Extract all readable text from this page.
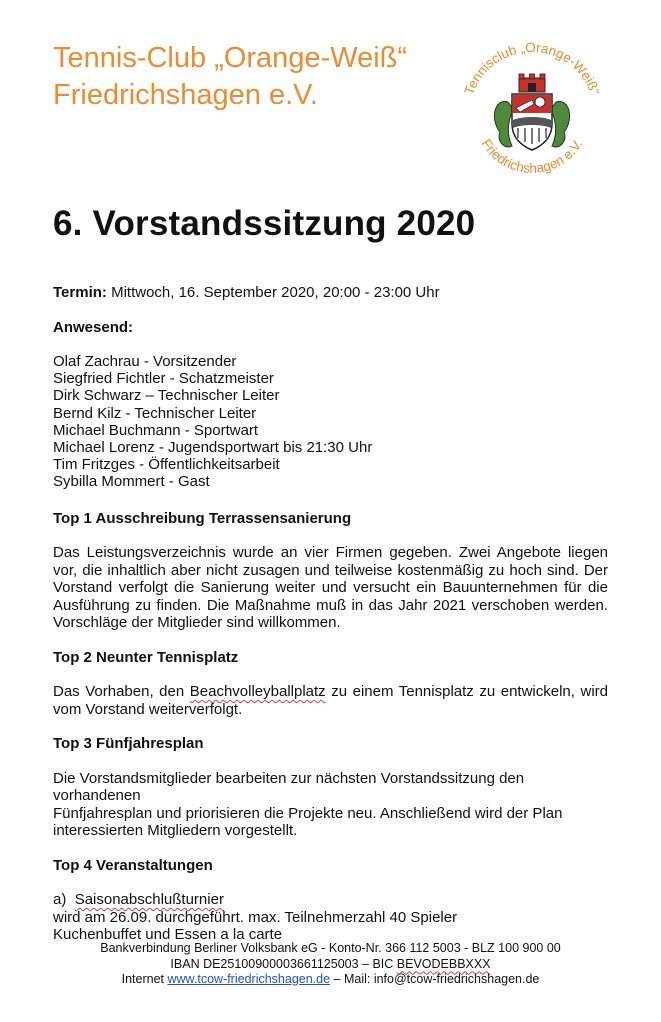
Tennis-Club „Orange-Weiß“
Friedrichshagen e.V.	Tennisclub „Orange-Weiß“
Friedrichshagen e.V.
6. Vorstandssitzung 2020

Termin: Mittwoch, 16. September 2020, 20:00 - 23:00 Uhr

Anwesend:

Olaf Zachrau - Vorsitzender
Siegfried Fichtler - Schatzmeister
Dirk Schwarz – Technischer Leiter
Bernd Kilz - Technischer Leiter
Michael Buchmann - Sportwart
Michael Lorenz - Jugendsportwart bis 21:30 Uhr
Tim Fritzges - Öffentlichkeitsarbeit
Sybilla Mommert - Gast

Top 1 Ausschreibung Terrassensanierung

Das Leistungsverzeichnis wurde an vier Firmen gegeben. Zwei Angebote liegen vor, die inhaltlich aber nicht zusagen und teilweise kostenmäßig zu hoch sind. Der Vorstand verfolgt die Sanierung weiter und versucht ein Bauunternehmen für die Ausführung zu finden. Die Maßnahme muß in das Jahr 2021 verschoben werden. Vorschläge der Mitglieder sind willkommen.

Top 2 Neunter Tennisplatz

Das Vorhaben, den Beachvolleyballplatz zu einem Tennisplatz zu entwickeln, wird vom Vorstand weiterverfolgt.

Top 3 Fünfjahresplan

Die Vorstandsmitglieder bearbeiten zur nächsten Vorstandssitzung den vorhandenen
Fünfjahresplan und priorisieren die Projekte neu. Anschließend wird der Plan
interessierten Mitgliedern vorgestellt.

Top 4 Veranstaltungen

a) Saisonabschlußturnier
wird am 26.09. durchgeführt. max. Teilnehmerzahl 40 Spieler
Kuchenbuffet und Essen a la carte

Bankverbindung Berliner Volksbank eG - Konto-Nr. 366 112 5003 - BLZ 100 900 00
IBAN DE25100900003661125003 – BIC BEVODEBBXXX
Internet www.tcow-friedrichshagen.de – Mail: info@tcow-friedrichshagen.de
